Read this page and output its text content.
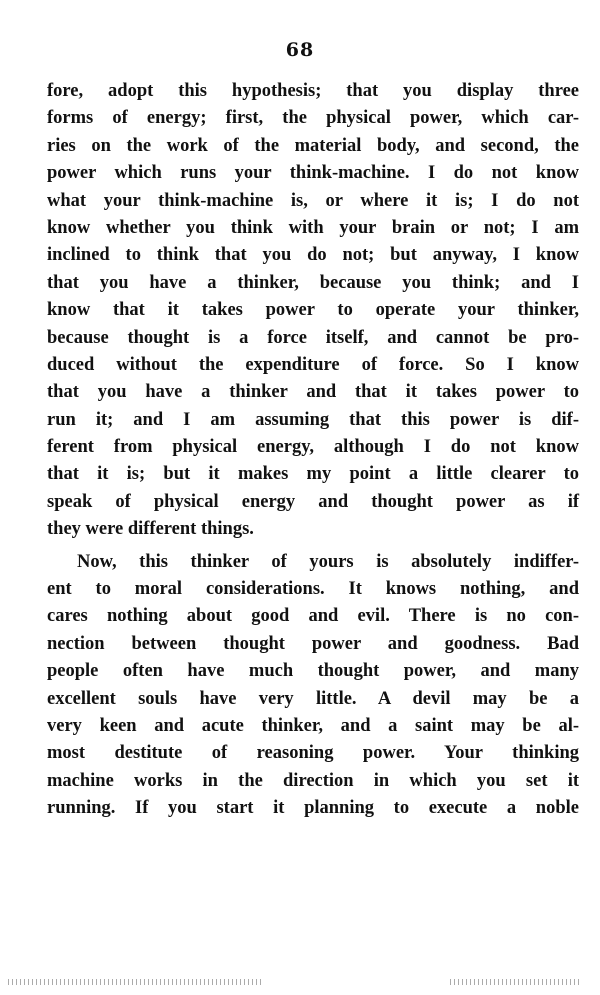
68
fore, adopt this hypothesis; that you display three
forms of energy; first, the physical power, which car-
ries on the work of the material body, and second, the
power which runs your think-machine. I do not know
what your think-machine is, or where it is; I do not
know whether you think with your brain or not; I am
inclined to think that you do not; but anyway, I know
that you have a thinker, because you think; and I
know that it takes power to operate your thinker,
because thought is a force itself, and cannot be pro-
duced without the expenditure of force. So I know
that you have a thinker and that it takes power to
run it; and I am assuming that this power is dif-
ferent from physical energy, although I do not know
that it is; but it makes my point a little clearer to
speak of physical energy and thought power as if
they were different things.
Now, this thinker of yours is absolutely indiffer-
ent to moral considerations. It knows nothing, and
cares nothing about good and evil. There is no con-
nection between thought power and goodness. Bad
people often have much thought power, and many
excellent souls have very little. A devil may be a
very keen and acute thinker, and a saint may be al-
most destitute of reasoning power. Your thinking
machine works in the direction in which you set it
running. If you start it planning to execute a noble
